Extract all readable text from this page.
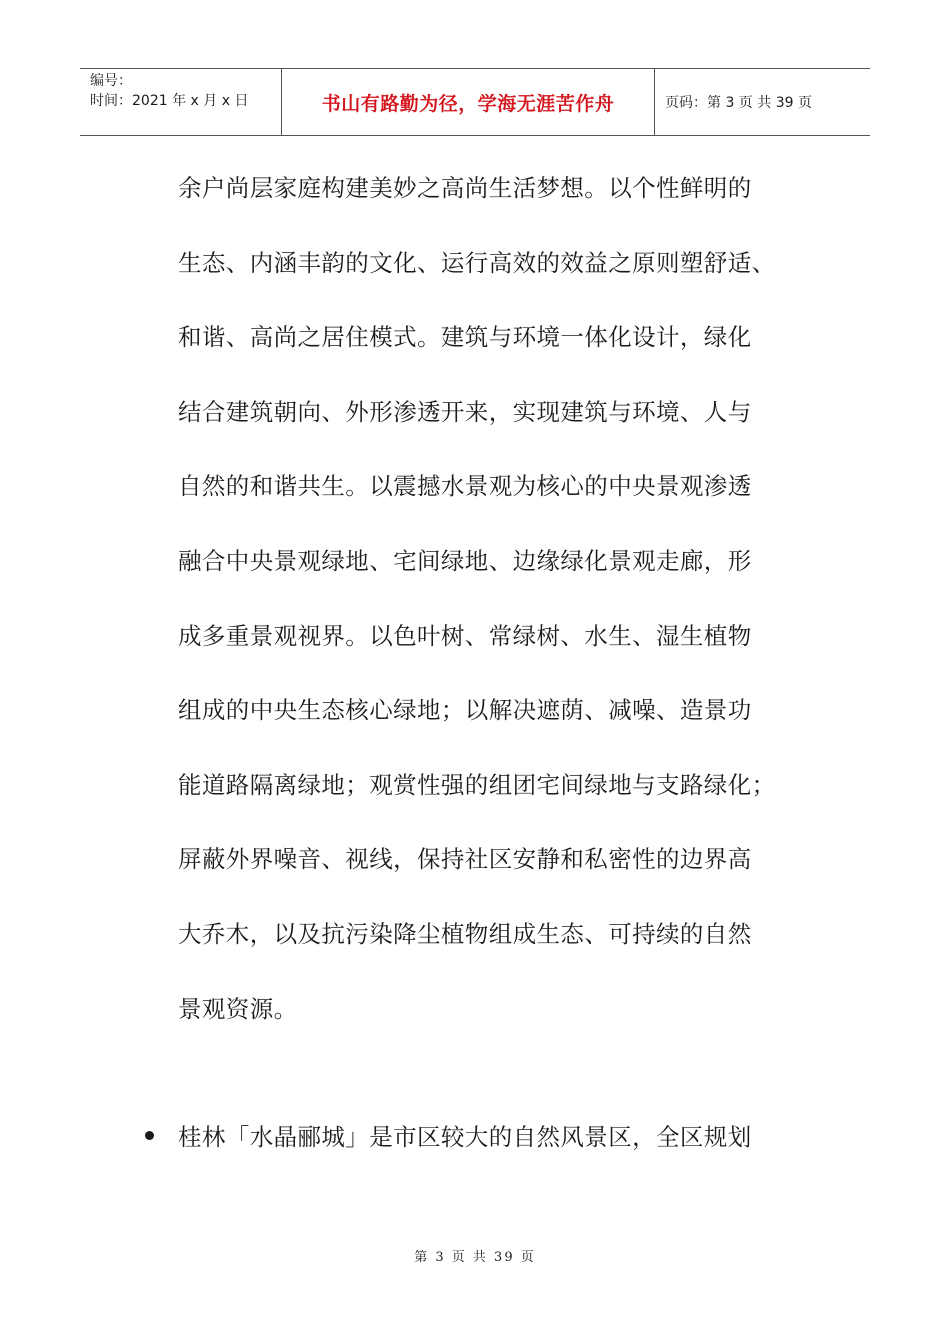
编号：
时间：2021 年 x 月 x 日	书山有路勤为径，学海无涯苦作舟	页码：第 3 页 共 39 页
余户尚层家庭构建美妙之高尚生活梦想。以个性鲜明的
生态、内涵丰韵的文化、运行高效的效益之原则塑舒适、
和谐、高尚之居住模式。建筑与环境一体化设计，绿化
结合建筑朝向、外形渗透开来，实现建筑与环境、人与
自然的和谐共生。以震撼水景观为核心的中央景观渗透
融合中央景观绿地、宅间绿地、边缘绿化景观走廊，形
成多重景观视界。以色叶树、常绿树、水生、湿生植物
组成的中央生态核心绿地；以解决遮荫、减噪、造景功
能道路隔离绿地；观赏性强的组团宅间绿地与支路绿化；
屏蔽外界噪音、视线，保持社区安静和私密性的边界高
大乔木，以及抗污染降尘植物组成生态、可持续的自然
景观资源。
桂林「水晶郦城」是市区较大的自然风景区，全区规划
第 3 页 共 39 页
